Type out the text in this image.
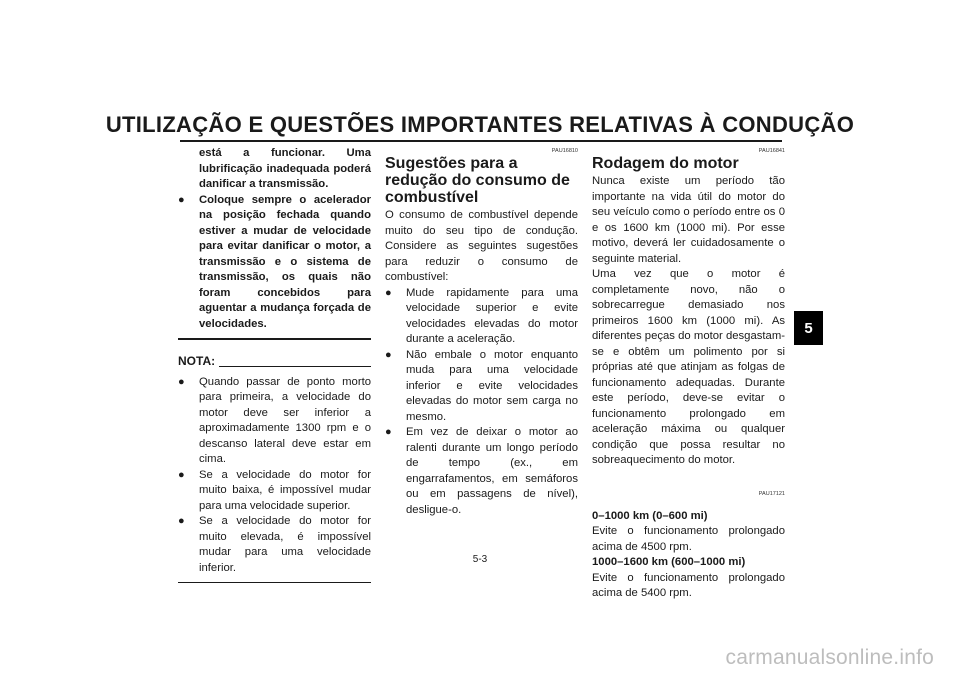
UTILIZAÇÃO E QUESTÕES IMPORTANTES RELATIVAS À CONDUÇÃO
5
está a funcionar. Uma lubrificação inadequada poderá danificar a transmissão.
●	Coloque sempre o acelerador na posição fechada quando estiver a mudar de velocidade para evitar danificar o motor, a transmissão e o sistema de transmissão, os quais não foram concebidos para aguentar a mudança forçada de velocidades.
NOTA:
●	Quando passar de ponto morto para primeira, a velocidade do motor deve ser inferior a aproximadamente 1300 rpm e o descanso lateral deve estar em cima.
●	Se a velocidade do motor for muito baixa, é impossível mudar para uma velocidade superior.
●	Se a velocidade do motor for muito elevada, é impossível mudar para uma velocidade inferior.
PAU16810
Sugestões para a redução do consumo de combustível
O consumo de combustível depende muito do seu tipo de condução. Considere as seguintes sugestões para reduzir o consumo de combustível:
●	Mude rapidamente para uma velocidade superior e evite velocidades elevadas do motor durante a aceleração.
●	Não embale o motor enquanto muda para uma velocidade inferior e evite velocidades elevadas do motor sem carga no mesmo.
●	Em vez de deixar o motor ao ralenti durante um longo período de tempo (ex., em engarrafamentos, em semáforos ou em passagens de nível), desligue-o.
PAU16841
Rodagem do motor
Nunca existe um período tão importante na vida útil do motor do seu veículo como o período entre os 0 e os 1600 km (1000 mi). Por esse motivo, deverá ler cuidadosamente o seguinte material.
Uma vez que o motor é completamente novo, não o sobrecarregue demasiado nos primeiros 1600 km (1000 mi). As diferentes peças do motor desgastam-se e obtêm um polimento por si próprias até que atinjam as folgas de funcionamento adequadas. Durante este período, deve-se evitar o funcionamento prolongado em aceleração máxima ou qualquer condição que possa resultar no sobreaquecimento do motor.
PAU17121
0–1000 km (0–600 mi)
Evite o funcionamento prolongado acima de 4500 rpm.
1000–1600 km (600–1000 mi)
Evite o funcionamento prolongado acima de 5400 rpm.
5-3
carmanualsonline.info
